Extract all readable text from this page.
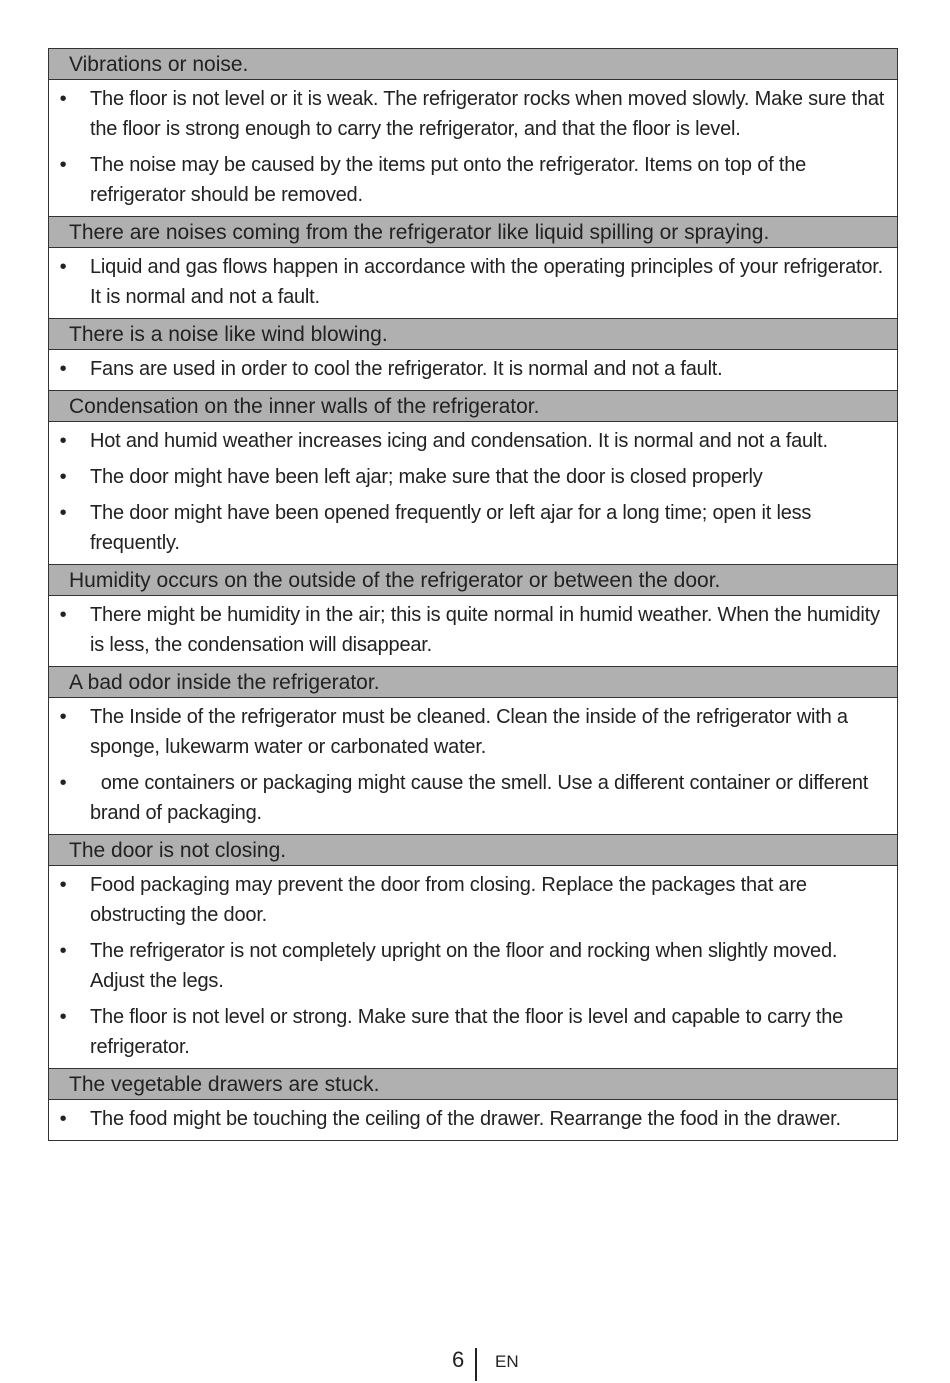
Vibrations or noise.
• The floor is not level or it is weak. The refrigerator rocks when moved slowly. Make sure that the floor is strong enough to carry the refrigerator, and that the floor is level.
• The noise may be caused by the items put onto the refrigerator. Items on top of the refrigerator should be removed.
There are noises coming from the refrigerator like liquid spilling or spraying.
• Liquid and gas flows happen in accordance with the operating principles of your refrigerator. It is normal and not a fault.
There is a noise like wind blowing.
• Fans are used in order to cool the refrigerator. It is normal and not a fault.
Condensation on the inner walls of the refrigerator.
• Hot and humid weather increases icing and condensation. It is normal and not a fault.
• The door might have been left ajar; make sure that the door is closed properly
• The door might have been opened frequently or left ajar for a long time; open it less frequently.
Humidity occurs on the outside of the refrigerator or between the door.
• There might be humidity in the air; this is quite normal in humid weather. When the humidity is less, the condensation will disappear.
A bad odor inside the refrigerator.
• The Inside of the refrigerator must be cleaned. Clean the inside of the refrigerator with a sponge, lukewarm water or carbonated water.
• ome containers or packaging might cause the smell. Use a different container or different brand of packaging.
The door is not closing.
• Food packaging may prevent the door from closing. Replace the packages that are obstructing the door.
• The refrigerator is not completely upright on the floor and rocking when slightly moved. Adjust the legs.
• The floor is not level or strong. Make sure that the floor is level and capable to carry the refrigerator.
The vegetable drawers are stuck.
• The food might be touching the ceiling of the drawer. Rearrange the food in the drawer.
6 EN
